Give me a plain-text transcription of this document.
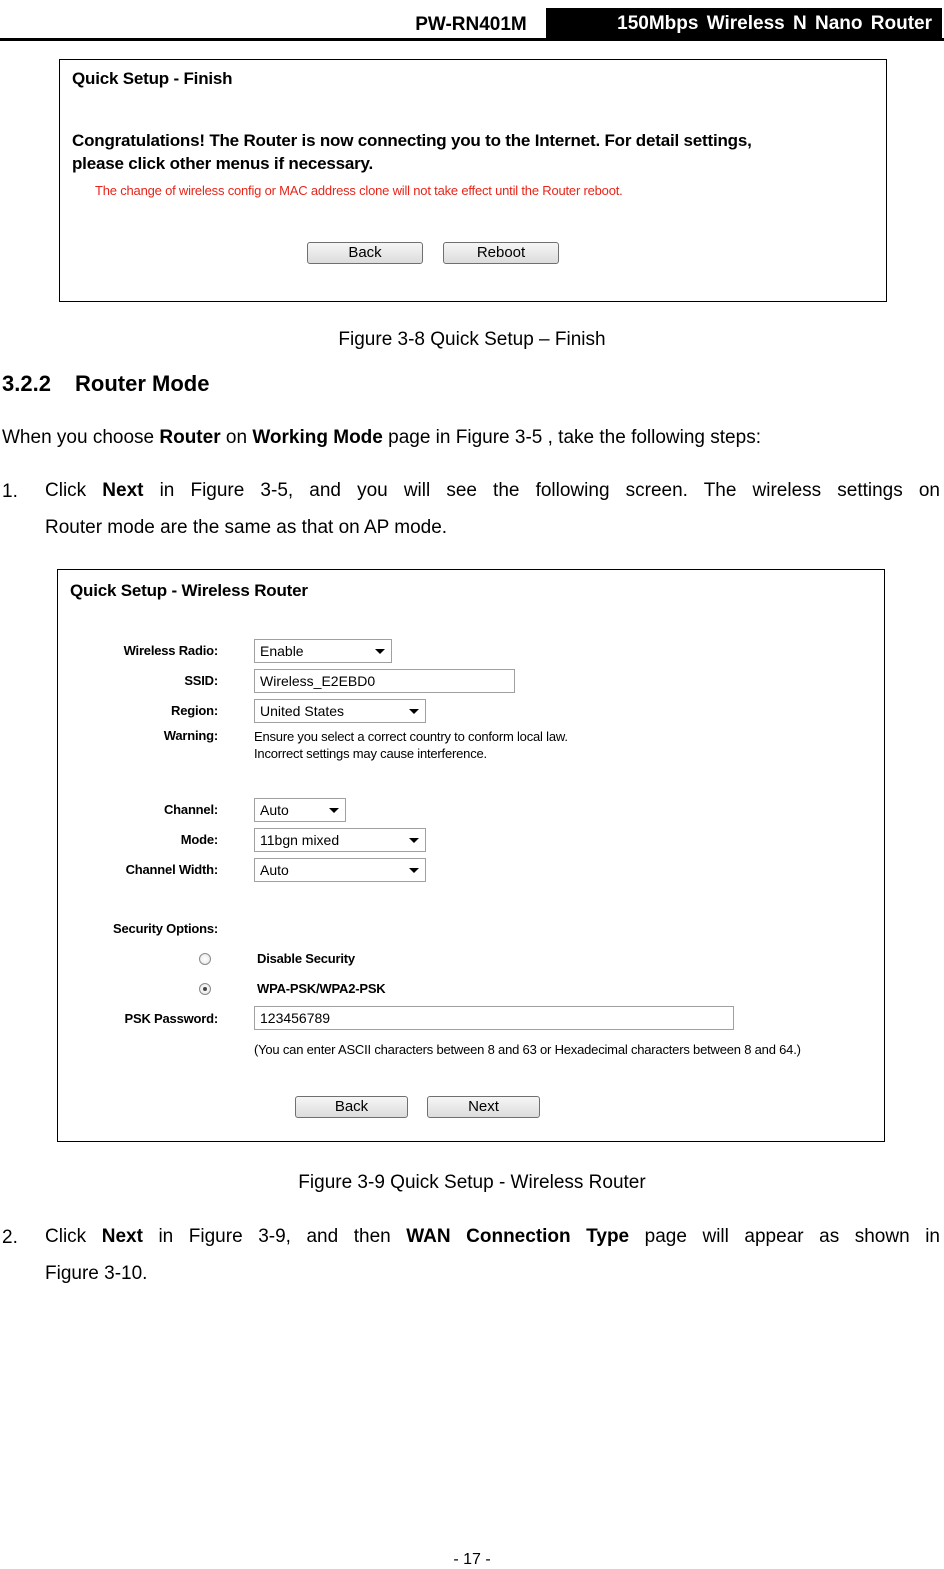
PW-RN401M	150Mbps Wireless N Nano Router
Quick Setup - Finish
Congratulations! The Router is now connecting you to the Internet. For detail settings,
please click other menus if necessary.
The change of wireless config or MAC address clone will not take effect until the Router reboot.
Back	Reboot
Figure 3-8 Quick Setup – Finish
3.2.2 Router Mode
When you choose Router on Working Mode page in Figure 3-5 , take the following steps:
1. Click Next in Figure 3-5, and you will see the following screen. The wireless settings on
Router mode are the same as that on AP mode.
Quick Setup - Wireless Router
Wireless Radio:	Enable
SSID:	Wireless_E2EBD0
Region:	United States
Warning:	Ensure you select a correct country to conform local law.
Incorrect settings may cause interference.
Channel:	Auto
Mode:	11bgn mixed
Channel Width:	Auto
Security Options:
Disable Security
WPA-PSK/WPA2-PSK
PSK Password:	123456789
(You can enter ASCII characters between 8 and 63 or Hexadecimal characters between 8 and 64.)
Back	Next
Figure 3-9 Quick Setup - Wireless Router
2. Click Next in Figure 3-9, and then WAN Connection Type page will appear as shown in
Figure 3-10.
- 17 -
